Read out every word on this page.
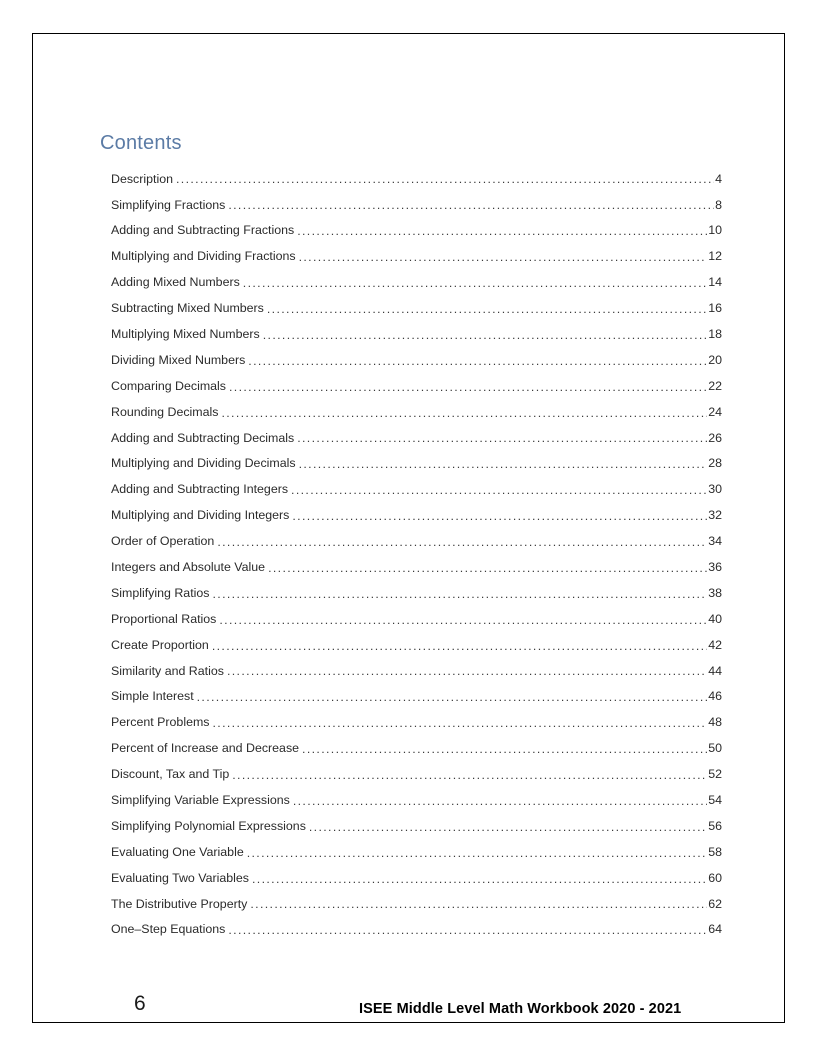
Contents
Description .....	4
Simplifying Fractions .....	8
Adding and Subtracting Fractions .....	10
Multiplying and Dividing Fractions .....	12
Adding Mixed Numbers .....	14
Subtracting Mixed Numbers .....	16
Multiplying Mixed Numbers .....	18
Dividing Mixed Numbers .....	20
Comparing Decimals .....	22
Rounding Decimals .....	24
Adding and Subtracting Decimals .....	26
Multiplying and Dividing Decimals .....	28
Adding and Subtracting Integers .....	30
Multiplying and Dividing Integers .....	32
Order of Operation .....	34
Integers and Absolute Value .....	36
Simplifying Ratios .....	38
Proportional Ratios .....	40
Create Proportion .....	42
Similarity and Ratios .....	44
Simple Interest .....	46
Percent Problems .....	48
Percent of Increase and Decrease .....	50
Discount, Tax and Tip .....	52
Simplifying Variable Expressions .....	54
Simplifying Polynomial Expressions .....	56
Evaluating One Variable .....	58
Evaluating Two Variables .....	60
The Distributive Property .....	62
One–Step Equations .....	64
6	ISEE Middle Level Math Workbook 2020 - 2021
